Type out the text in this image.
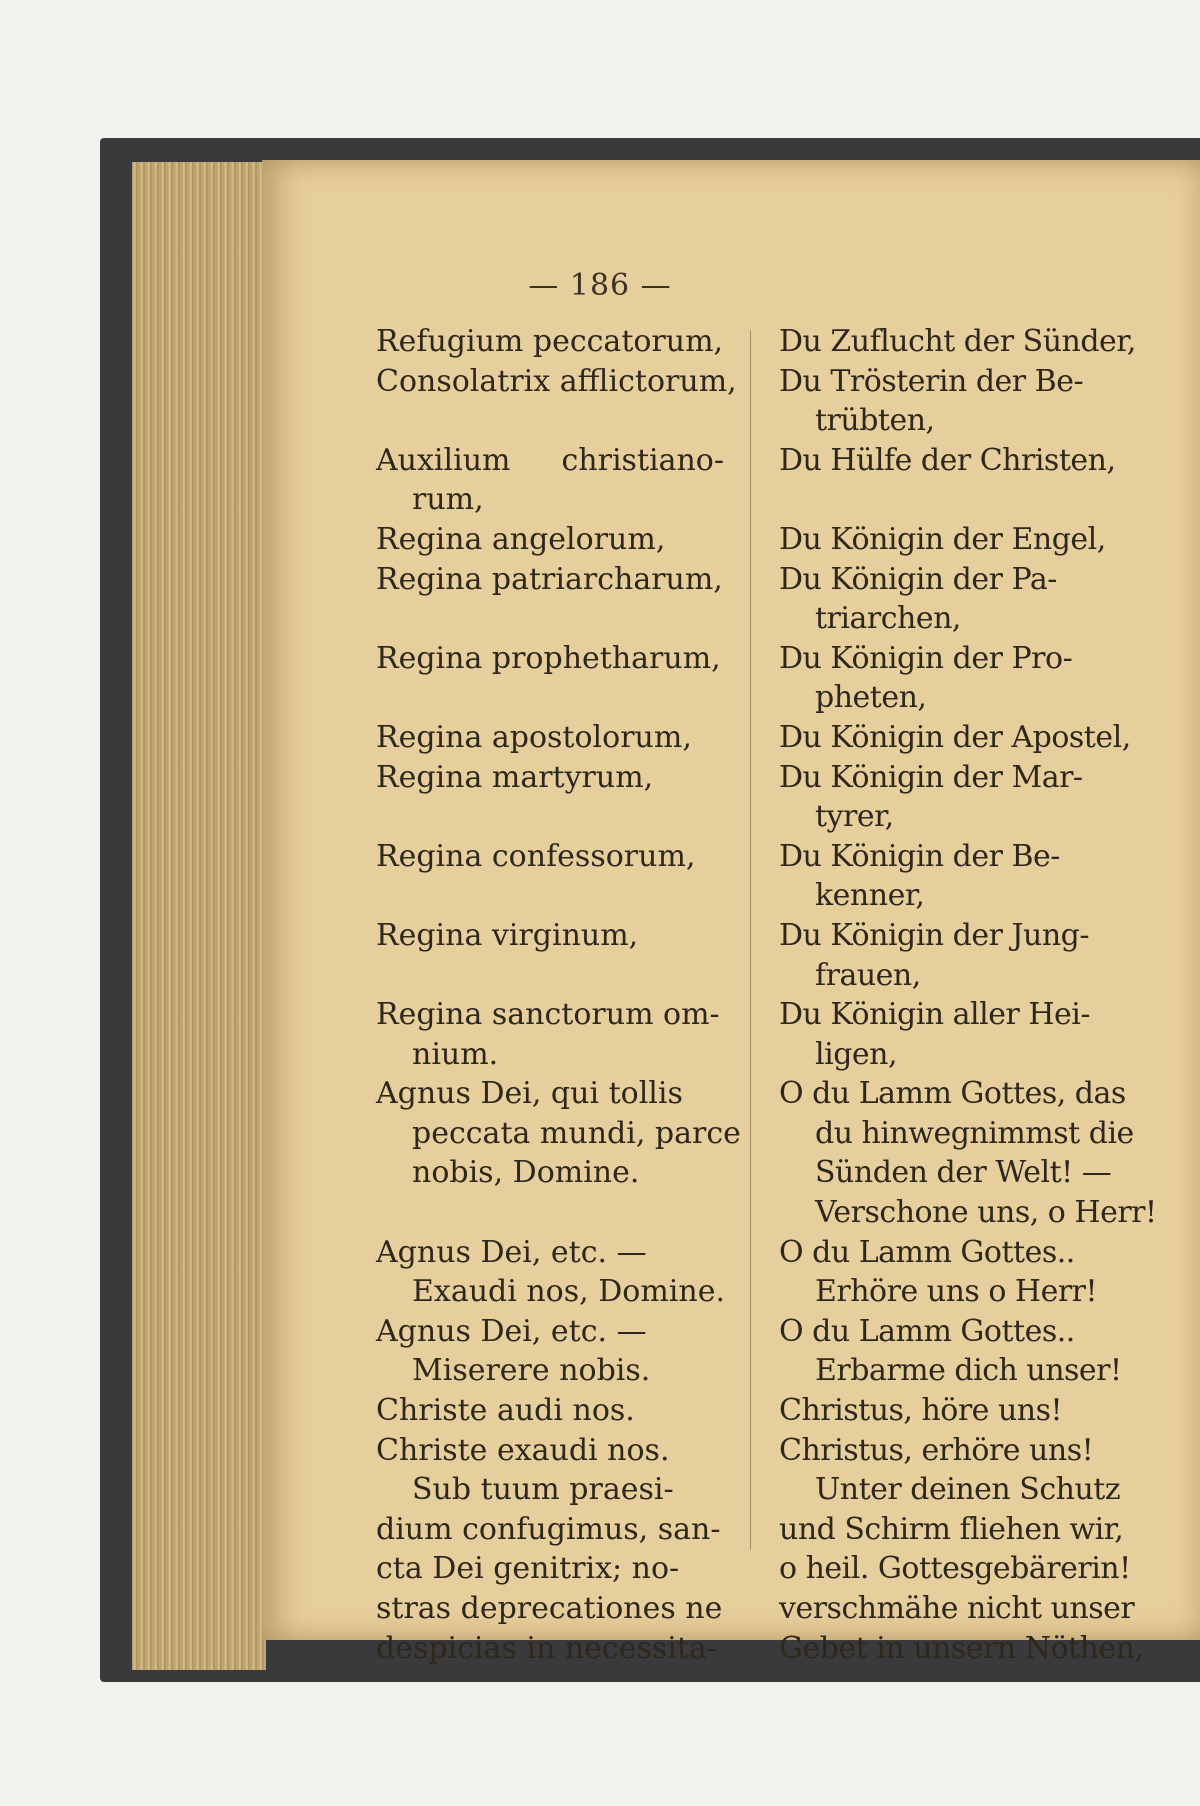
— 186 —
Refugium peccatorum,
Consolatrix afflictorum,
Auxilium christiano-
rum,
Regina angelorum,
Regina patriarcharum,
Regina prophetharum,
Regina apostolorum,
Regina martyrum,
Regina confessorum,
Regina virginum,
Regina sanctorum om-
nium.
Agnus Dei, qui tollis
peccata mundi, parce
nobis, Domine.
Agnus Dei, etc. —
Exaudi nos, Domine.
Agnus Dei, etc. —
Miserere nobis.
Christe audi nos.
Christe exaudi nos.
Sub tuum praesi-
dium confugimus, san-
cta Dei genitrix; no-
stras deprecationes ne
despicias in necessita-
Du Zuflucht der Sünder,
Du Trösterin der Be-
trübten,
Du Hülfe der Christen,
Du Königin der Engel,
Du Königin der Pa-
triarchen,
Du Königin der Pro-
pheten,
Du Königin der Apostel,
Du Königin der Mar-
tyrer,
Du Königin der Be-
kenner,
Du Königin der Jung-
frauen,
Du Königin aller Hei-
ligen,
O du Lamm Gottes, das
du hinwegnimmst die
Sünden der Welt! —
Verschone uns, o Herr!
O du Lamm Gottes..
Erhöre uns o Herr!
O du Lamm Gottes..
Erbarme dich unser!
Christus, höre uns!
Christus, erhöre uns!
Unter deinen Schutz
und Schirm fliehen wir,
o heil. Gottesgebärerin!
verschmähe nicht unser
Gebet in unsern Nöthen,
